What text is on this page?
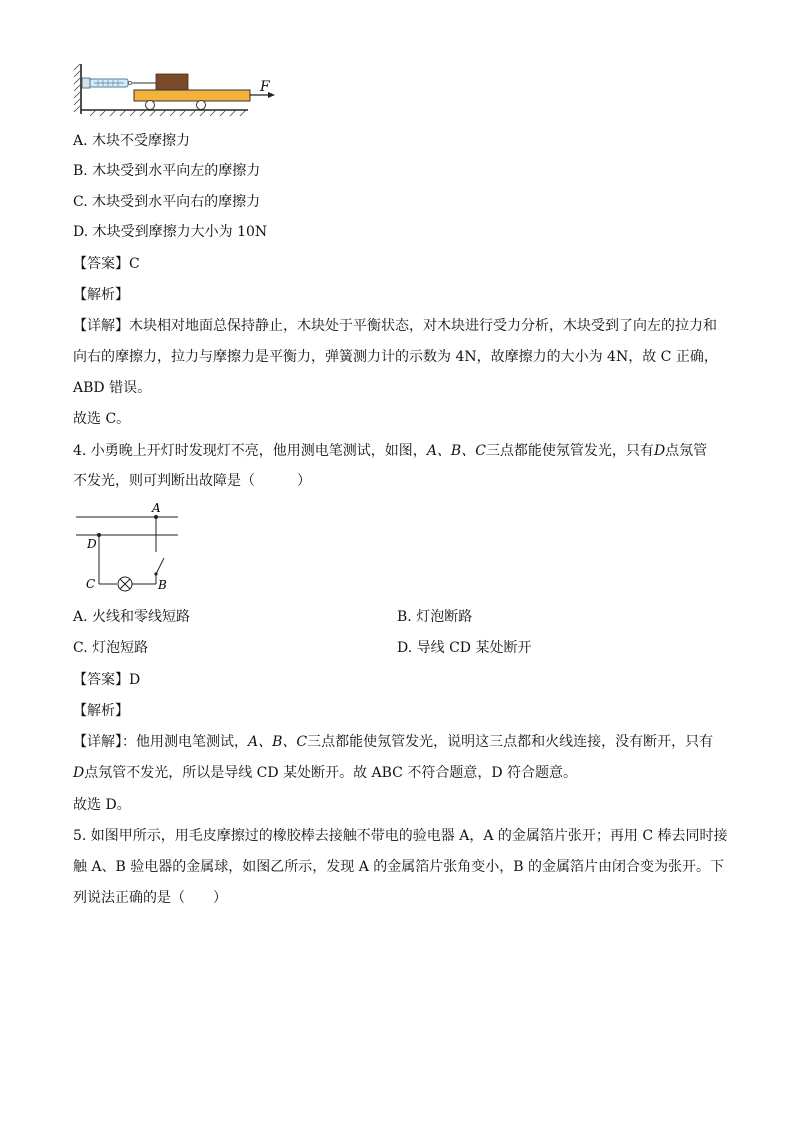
F
A. 木块不受摩擦力
B. 木块受到水平向左的摩擦力
C. 木块受到水平向右的摩擦力
D. 木块受到摩擦力大小为 10N
【答案】C
【解析】
【详解】木块相对地面总保持静止，木块处于平衡状态，对木块进行受力分析，木块受到了向左的拉力和
向右的摩擦力，拉力与摩擦力是平衡力，弹簧测力计的示数为 4N，故摩擦力的大小为 4N，故 C 正确，
ABD 错误。
故选 C。
4. 小勇晚上开灯时发现灯不亮，他用测电笔测试，如图，A、B、C三点都能使氖管发光，只有D点氖管
不发光，则可判断出故障是（　　　）
A
D
C	B
A. 火线和零线短路	B. 灯泡断路
C. 灯泡短路	D. 导线 CD 某处断开
【答案】D
【解析】
【详解】：他用测电笔测试，A、B、C三点都能使氖管发光，说明这三点都和火线连接，没有断开，只有
D点氖管不发光，所以是导线 CD 某处断开。故 ABC 不符合题意，D 符合题意。
故选 D。
5. 如图甲所示，用毛皮摩擦过的橡胶棒去接触不带电的验电器 A，A 的金属箔片张开；再用 C 棒去同时接
触 A、B 验电器的金属球，如图乙所示，发现 A 的金属箔片张角变小，B 的金属箔片由闭合变为张开。下
列说法正确的是（　　）
